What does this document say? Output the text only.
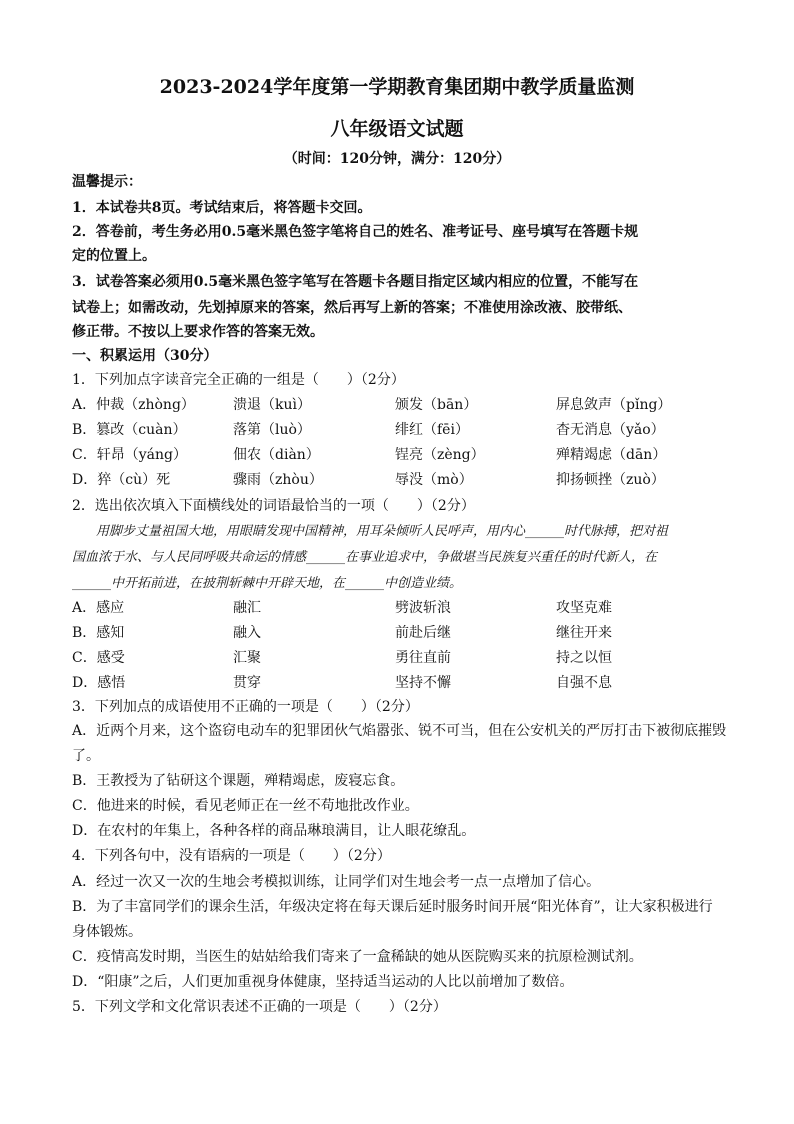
2023-2024学年度第一学期教育集团期中教学质量监测
八年级语文试题
（时间：120分钟，满分：120分）
温馨提示：
1．本试卷共8页。考试结束后，将答题卡交回。
2．答卷前，考生务必用0.5毫米黑色签字笔将自己的姓名、准考证号、座号填写在答题卡规
定的位置上。
3．试卷答案必须用0.5毫米黑色签字笔写在答题卡各题目指定区域内相应的位置，不能写在
试卷上；如需改动，先划掉原来的答案，然后再写上新的答案；不准使用涂改液、胶带纸、
修正带。不按以上要求作答的答案无效。
一、积累运用（30分）
1．下列加点字读音完全正确的一组是（　　）（2分）
A．仲裁（zhòng）	溃退（kuì）	颁发（bān）	屏息敛声（pǐng）
B．篡改（cuàn）	落第（luò）	绯红（fēi）	杳无消息（yǎo）
C．轩昂（yáng）	佃农（diàn）	锃亮（zèng）	殚精竭虑（dān）
D．猝（cù）死	骤雨（zhòu）	辱没（mò）	抑扬顿挫（zuò）
2．选出依次填入下面横线处的词语最恰当的一项（　　）（2分）
用脚步丈量祖国大地，用眼睛发现中国精神，用耳朵倾听人民呼声，用内心______时代脉搏，把对祖
国血浓于水、与人民同呼吸共命运的情感______在事业追求中，争做堪当民族复兴重任的时代新人，在
______中开拓前进，在披荆斩棘中开辟天地，在______中创造业绩。
A．感应	融汇	劈波斩浪	攻坚克难
B．感知	融入	前赴后继	继往开来
C．感受	汇聚	勇往直前	持之以恒
D．感悟	贯穿	坚持不懈	自强不息
3．下列加点的成语使用不正确的一项是（　　）（2分）
A．近两个月来，这个盗窃电动车的犯罪团伙气焰嚣张、锐不可当，但在公安机关的严厉打击下被彻底摧毁
了。
B．王教授为了钻研这个课题，殚精竭虑，废寝忘食。
C．他进来的时候，看见老师正在一丝不苟地批改作业。
D．在农村的年集上，各种各样的商品琳琅满目，让人眼花缭乱。
4．下列各句中，没有语病的一项是（　　）（2分）
A．经过一次又一次的生地会考模拟训练，让同学们对生地会考一点一点增加了信心。
B．为了丰富同学们的课余生活，年级决定将在每天课后延时服务时间开展“阳光体育”，让大家积极进行
身体锻炼。
C．疫情高发时期，当医生的姑姑给我们寄来了一盒稀缺的她从医院购买来的抗原检测试剂。
D．“阳康”之后，人们更加重视身体健康，坚持适当运动的人比以前增加了数倍。
5．下列文学和文化常识表述不正确的一项是（　　）（2分）
